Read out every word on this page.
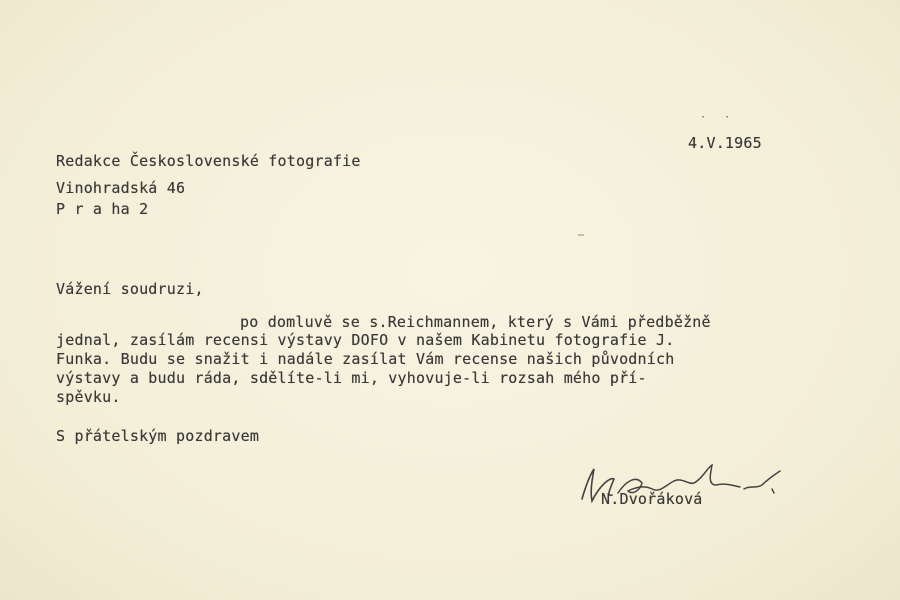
·   ·
4.V.1965
Redakce Československé fotografie
Vinohradská 46
P r a ha 2
Vážení soudruzi,
po domluvě se s.Reichmannem, který s Vámi předběžně
jednal, zasílám recensi výstavy DOFO v našem Kabinetu fotografie J.
Funka. Budu se snažit i nadále zasílat Vám recense našich původních
výstavy a budu ráda, sdělíte-li mi, vyhovuje-li rozsah mého pří-
spěvku.
S přátelským pozdravem
N.Dvořáková
